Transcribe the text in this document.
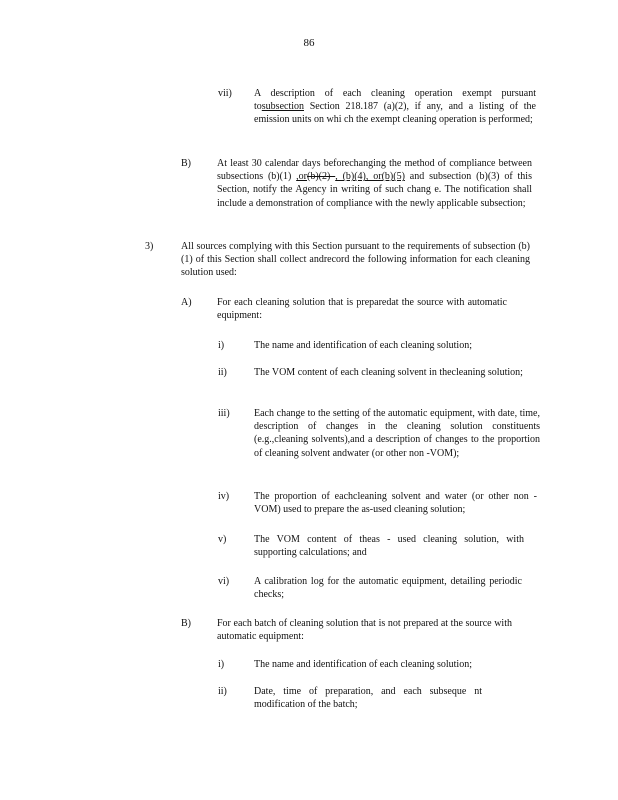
86
vii) A description of each cleaning operation exempt pursuant tosubsection Section 218.187 (a)(2), if any, and a listing of the emission units on whi ch the exempt cleaning operation is performed;
B)	At least 30 calendar days beforechanging the method of compliance between subsections (b)(1) ,or(b)(2) , (b)(4), or(b)(5) and subsection (b)(3) of this Section, notify the Agency in writing of such chang e. The notification shall include a demonstration of compliance with the newly applicable subsection;
3)	All sources complying with this Section pursuant to the requirements of subsection (b)(1) of this Section shall collect andrecord the following information for each cleaning solution used:
A)	For each cleaning solution that is preparedat the source with automatic equipment:
i)	The name and identification of each cleaning solution;
ii)	The VOM content of each cleaning solvent in thecleaning solution;
iii) Each change to the setting of the automatic equipment, with date, time, description of changes in the cleaning solution constituents (e.g.,cleaning solvents),and a description of changes to the proportion of cleaning solvent andwater (or other non -VOM);
iv) The proportion of eachcleaning solvent and water (or other non -VOM) used to prepare the as-used cleaning solution;
v)	The VOM content of theas - used cleaning solution, with supporting calculations; and
vi) A calibration log for the automatic equipment, detailing periodic checks;
B)	For each batch of cleaning solution that is not prepared at the source with automatic equipment:
i)	The name and identification of each cleaning solution;
ii)	Date, time of preparation, and each subseque nt modification of the batch;
